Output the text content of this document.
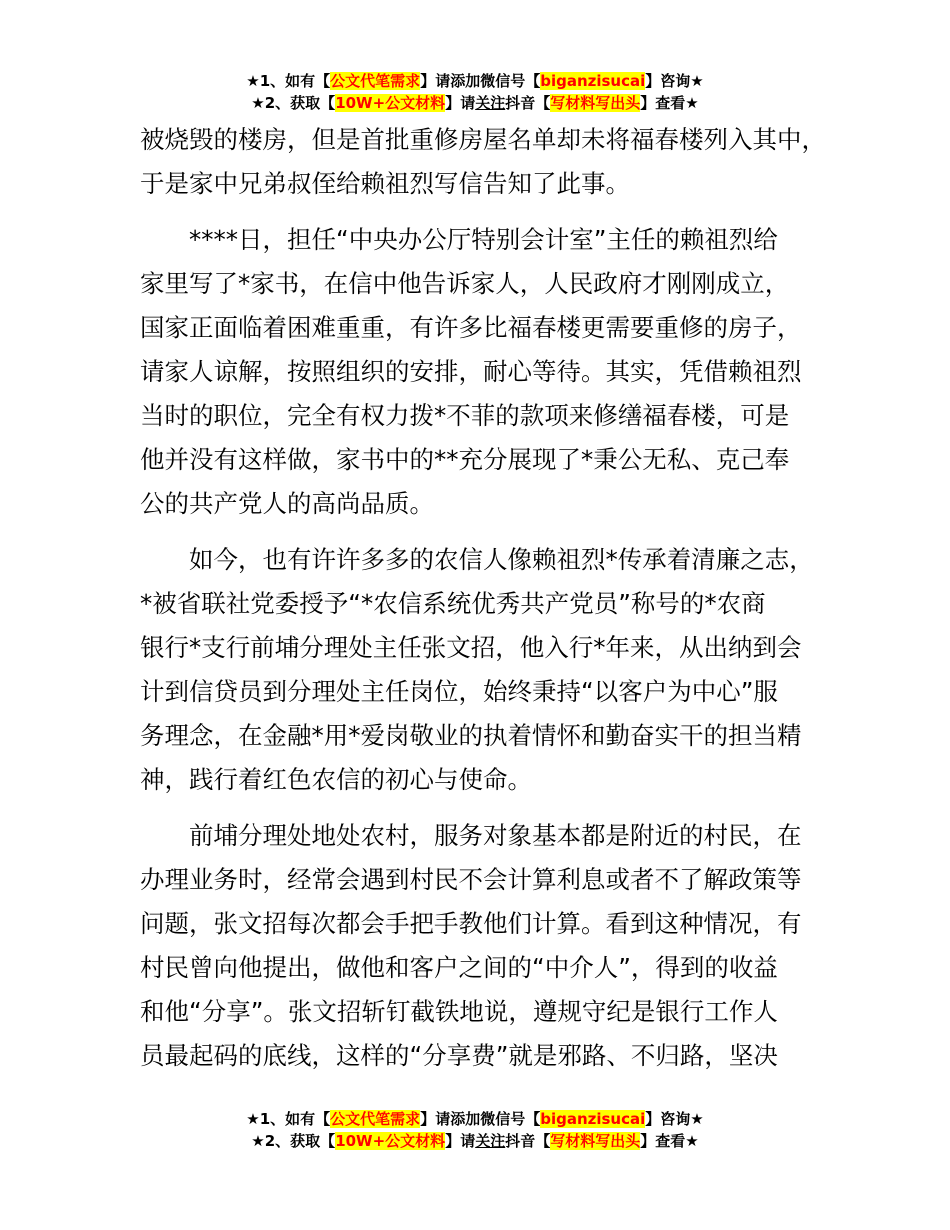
★1、如有【公文代笔需求】请添加微信号【biganzisucai】咨询★
★2、获取【10W+公文材料】请关注抖音【写材料写出头】查看★
被烧毁的楼房，但是首批重修房屋名单却未将福春楼列入其中，
于是家中兄弟叔侄给赖祖烈写信告知了此事。
****日，担任“中央办公厅特别会计室”主任的赖祖烈给
家里写了*家书，在信中他告诉家人，人民政府才刚刚成立，
国家正面临着困难重重，有许多比福春楼更需要重修的房子，
请家人谅解，按照组织的安排，耐心等待。其实，凭借赖祖烈
当时的职位，完全有权力拨*不菲的款项来修缮福春楼，可是
他并没有这样做，家书中的**充分展现了*秉公无私、克己奉
公的共产党人的高尚品质。
如今，也有许许多多的农信人像赖祖烈*传承着清廉之志，
*被省联社党委授予“*农信系统优秀共产党员”称号的*农商
银行*支行前埔分理处主任张文招，他入行*年来，从出纳到会
计到信贷员到分理处主任岗位，始终秉持“以客户为中心”服
务理念，在金融*用*爱岗敬业的执着情怀和勤奋实干的担当精
神，践行着红色农信的初心与使命。
前埔分理处地处农村，服务对象基本都是附近的村民，在
办理业务时，经常会遇到村民不会计算利息或者不了解政策等
问题，张文招每次都会手把手教他们计算。看到这种情况，有
村民曾向他提出，做他和客户之间的“中介人”，得到的收益
和他“分享”。张文招斩钉截铁地说，遵规守纪是银行工作人
员最起码的底线，这样的“分享费”就是邪路、不归路，坚决
★1、如有【公文代笔需求】请添加微信号【biganzisucai】咨询★
★2、获取【10W+公文材料】请关注抖音【写材料写出头】查看★
